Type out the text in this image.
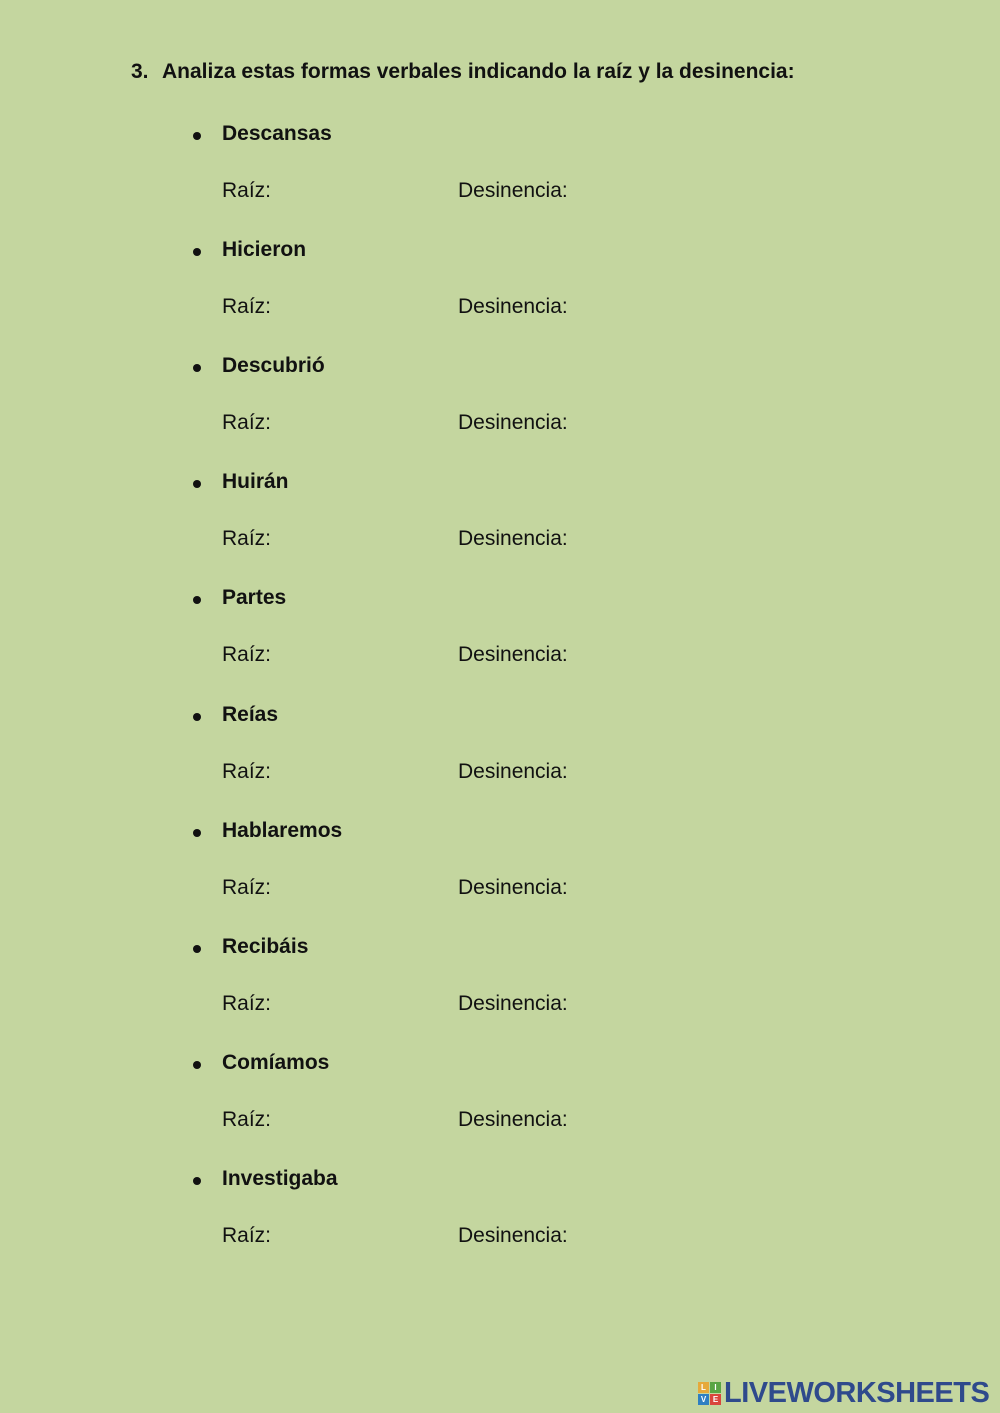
3. Analiza estas formas verbales indicando la raíz y la desinencia:
Descansas
Raíz:	Desinencia:
Hicieron
Raíz:	Desinencia:
Descubrió
Raíz:	Desinencia:
Huirán
Raíz:	Desinencia:
Partes
Raíz:	Desinencia:
Reías
Raíz:	Desinencia:
Hablaremos
Raíz:	Desinencia:
Recibáis
Raíz:	Desinencia:
Comíamos
Raíz:	Desinencia:
Investigaba
Raíz:	Desinencia:
L	I
V E LIVEWORKSHEETS
